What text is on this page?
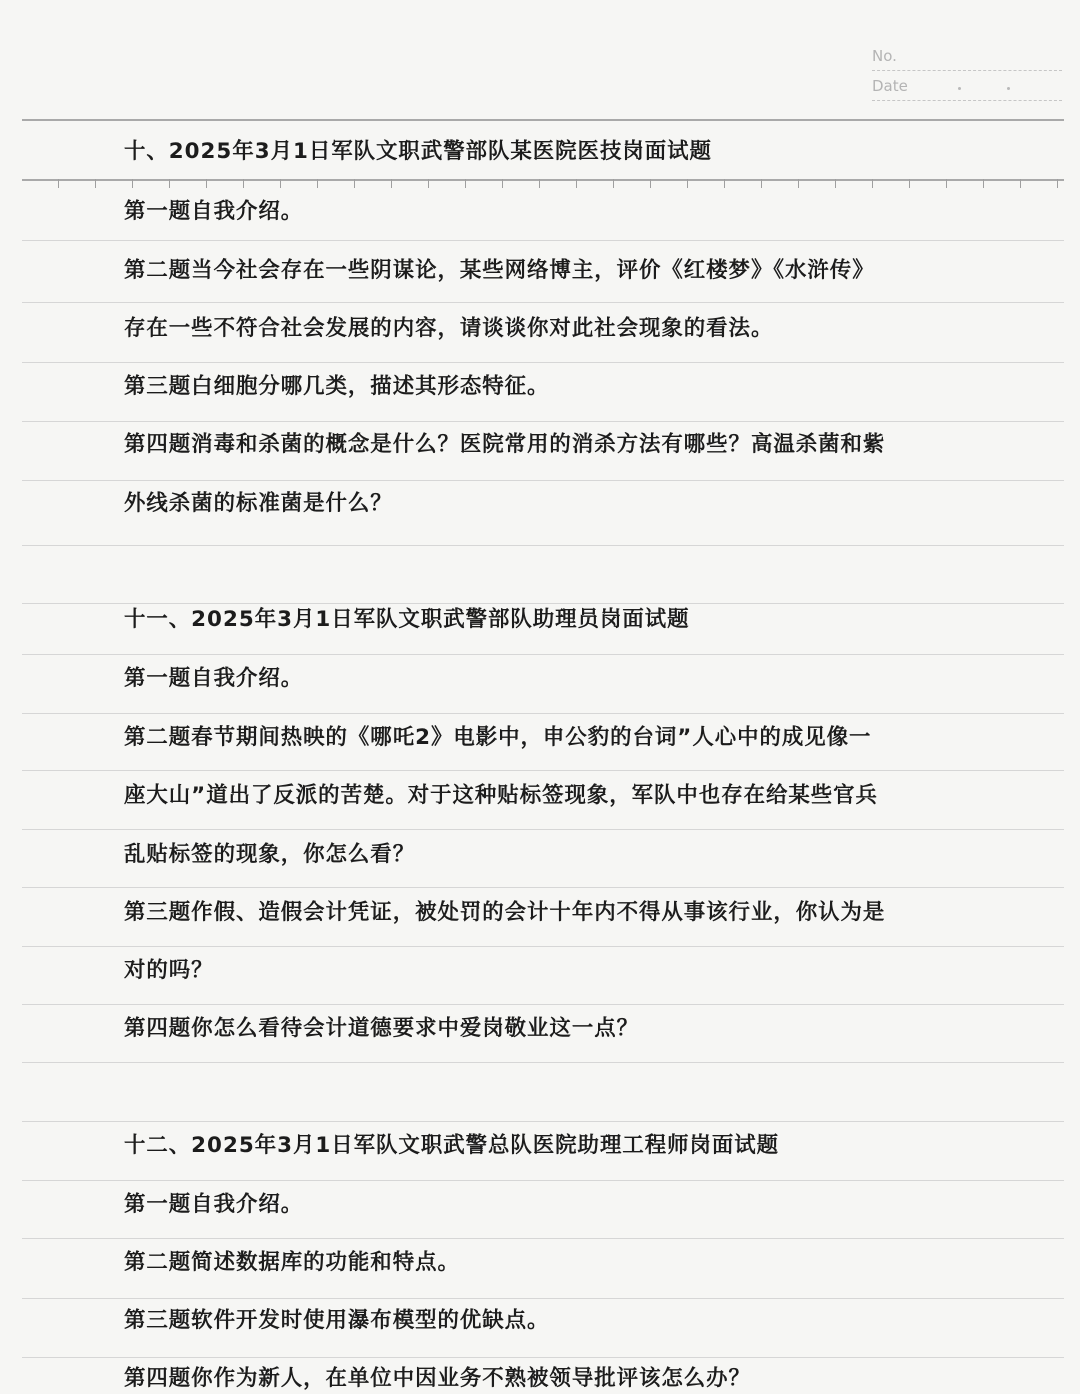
No.
Date
十、2025年3月1日军队文职武警部队某医院医技岗面试题
第一题自我介绍。
第二题当今社会存在一些阴谋论，某些网络博主，评价《红楼梦》《水浒传》
存在一些不符合社会发展的内容，请谈谈你对此社会现象的看法。
第三题白细胞分哪几类，描述其形态特征。
第四题消毒和杀菌的概念是什么？医院常用的消杀方法有哪些？高温杀菌和紫
外线杀菌的标准菌是什么？
十一、2025年3月1日军队文职武警部队助理员岗面试题
第一题自我介绍。
第二题春节期间热映的《哪吒2》电影中，申公豹的台词”人心中的成见像一
座大山”道出了反派的苦楚。对于这种贴标签现象，军队中也存在给某些官兵
乱贴标签的现象，你怎么看？
第三题作假、造假会计凭证，被处罚的会计十年内不得从事该行业，你认为是
对的吗？
第四题你怎么看待会计道德要求中爱岗敬业这一点？
十二、2025年3月1日军队文职武警总队医院助理工程师岗面试题
第一题自我介绍。
第二题简述数据库的功能和特点。
第三题软件开发时使用瀑布模型的优缺点。
第四题你作为新人，在单位中因业务不熟被领导批评该怎么办？
